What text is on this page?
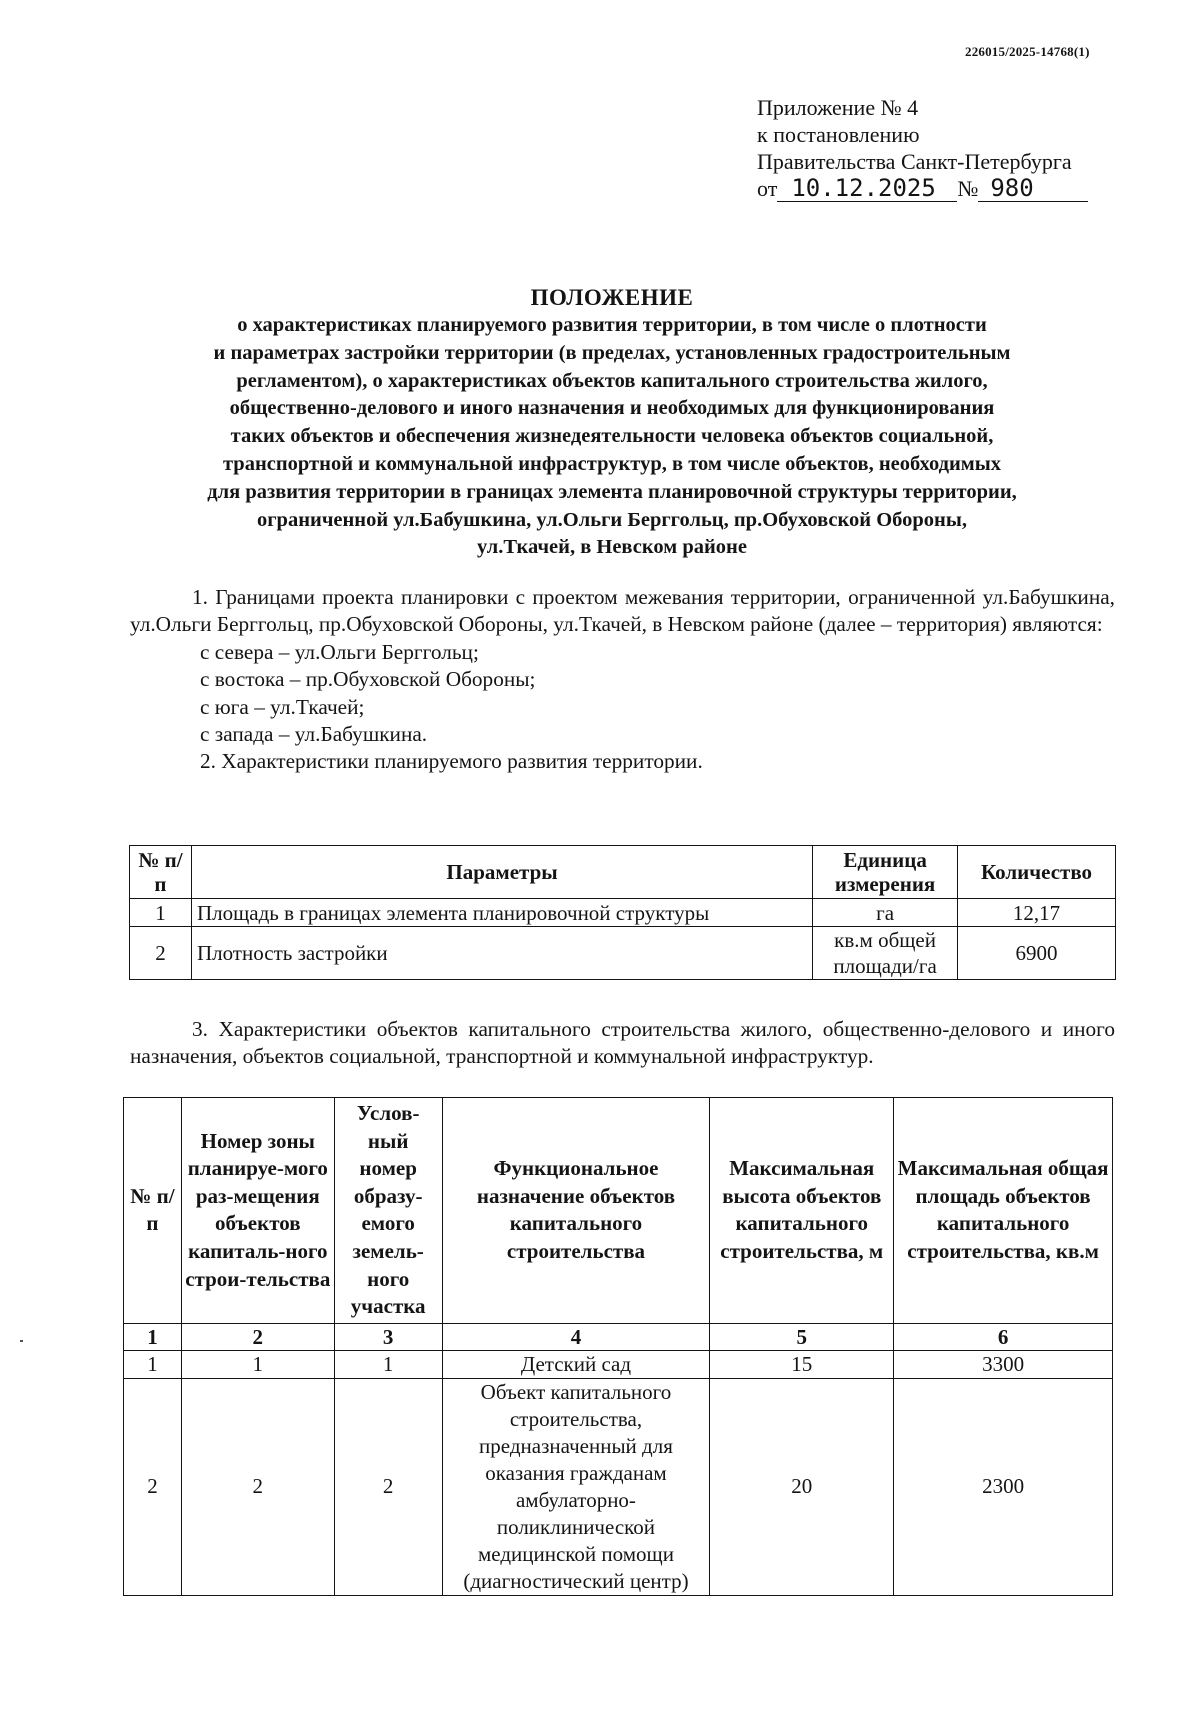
226015/2025-14768(1)
Приложение № 4
к постановлению
Правительства Санкт-Петербурга
от 10.12.2025 № 980
ПОЛОЖЕНИЕ
о характеристиках планируемого развития территории, в том числе о плотности
и параметрах застройки территории (в пределах, установленных градостроительным
регламентом), о характеристиках объектов капитального строительства жилого,
общественно-делового и иного назначения и необходимых для функционирования
таких объектов и обеспечения жизнедеятельности человека объектов социальной,
транспортной и коммунальной инфраструктур, в том числе объектов, необходимых
для развития территории в границах элемента планировочной структуры территории,
ограниченной ул.Бабушкина, ул.Ольги Берггольц, пр.Обуховской Обороны,
ул.Ткачей, в Невском районе

1. Границами проекта планировки с проектом межевания территории, ограниченной ул.Бабушкина, ул.Ольги Берггольц, пр.Обуховской Обороны, ул.Ткачей, в Невском районе (далее – территория) являются:

с севера – ул.Ольги Берггольц;
с востока – пр.Обуховской Обороны;
с юга – ул.Ткачей;
с запада – ул.Бабушкина.
2. Характеристики планируемого развития территории.
№ п/п	Параметры	Единица измерения	Количество
1	Площадь в границах элемента планировочной структуры	га	12,17
2	Плотность застройки	кв.м общей площади/га	6900

3. Характеристики объектов капитального строительства жилого, общественно-делового и иного назначения, объектов социальной, транспортной и коммунальной инфраструктур.

№ п/п	Номер зоны планируе-мого раз-мещения объектов капиталь-ного строи-тельства	Услов-ный номер образу-емого земель-ного участка	Функциональное назначение объектов капитального строительства	Максимальная высота объектов капитального строительства, м	Максимальная общая площадь объектов капитального строительства, кв.м
1	2	3	4	5	6
1	1	1	Детский сад	15	3300
2	2	2	Объект капитального строительства, предназначенный для оказания гражданам амбулаторно-поликлинической медицинской помощи (диагностический центр)	20	2300
